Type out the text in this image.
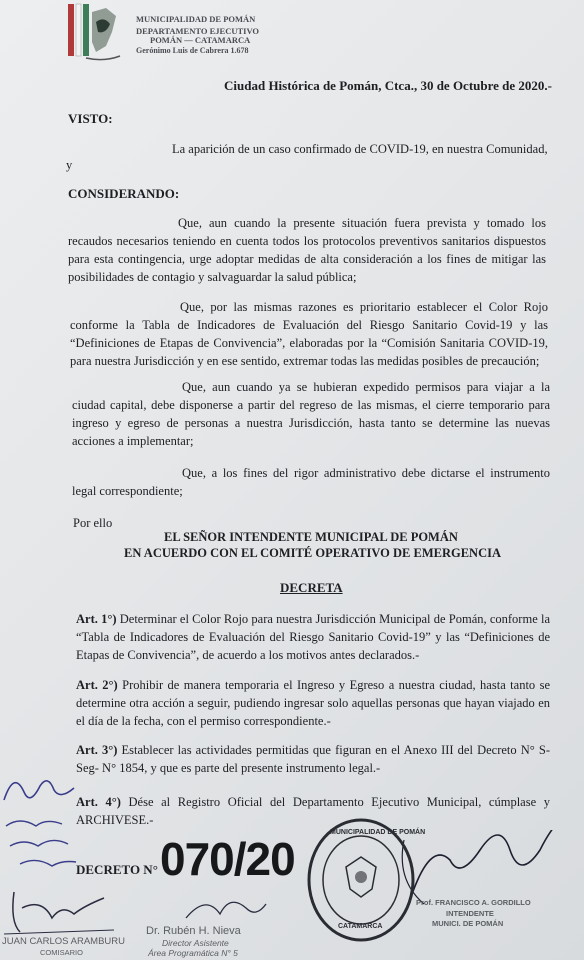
MUNICIPALIDAD DE POMÁN
DEPARTAMENTO EJECUTIVO
POMÁN — CATAMARCA
Gerónimo Luis de Cabrera 1.678
Ciudad Histórica de Pomán, Ctca., 30 de Octubre de 2020.-
VISTO:
La aparición de un caso confirmado de COVID-19, en nuestra Comunidad,
y
CONSIDERANDO:
Que, aun cuando la presente situación fuera prevista y tomado los recaudos necesarios teniendo en cuenta todos los protocolos preventivos sanitarios dispuestos para esta contingencia, urge adoptar medidas de alta consideración a los fines de mitigar las posibilidades de contagio y salvaguardar la salud pública;
Que, por las mismas razones es prioritario establecer el Color Rojo conforme la Tabla de Indicadores de Evaluación del Riesgo Sanitario Covid-19 y las “Definiciones de Etapas de Convivencia”, elaboradas por la “Comisión Sanitaria COVID-19, para nuestra Jurisdicción y en ese sentido, extremar todas las medidas posibles de precaución;
Que, aun cuando ya se hubieran expedido permisos para viajar a la ciudad capital, debe disponerse a partir del regreso de las mismas, el cierre temporario para ingreso y egreso de personas a nuestra Jurisdicción, hasta tanto se determine las nuevas acciones a implementar;
Que, a los fines del rigor administrativo debe dictarse el instrumento legal correspondiente;
Por ello
EL SEÑOR INTENDENTE MUNICIPAL DE POMÁN
EN ACUERDO CON EL COMITÉ OPERATIVO DE EMERGENCIA
DECRETA
Art. 1°) Determinar el Color Rojo para nuestra Jurisdicción Municipal de Pomán, conforme la “Tabla de Indicadores de Evaluación del Riesgo Sanitario Covid-19” y las “Definiciones de Etapas de Convivencia”, de acuerdo a los motivos antes declarados.-
Art. 2°) Prohibir de manera temporaria el Ingreso y Egreso a nuestra ciudad, hasta tanto se determine otra acción a seguir, pudiendo ingresar solo aquellas personas que hayan viajado en el día de la fecha, con el permiso correspondiente.-
Art. 3°) Establecer las actividades permitidas que figuran en el Anexo III del Decreto N° S- Seg- N° 1854, y que es parte del presente instrumento legal.-
Art. 4°) Dése al Registro Oficial del Departamento Ejecutivo Municipal, cúmplase y ARCHIVESE.-
DECRETO N° 070/20
MUNICIPALIDAD DE POMÁN
CATAMARCA
JUAN CARLOS ARAMBURU
COMISARIO
Dr. Rubén H. Nieva
Director Asistente
Área Programática N° 5
Prof. FRANCISCO A. GORDILLO
INTENDENTE
MUNICI. DE POMÁN
